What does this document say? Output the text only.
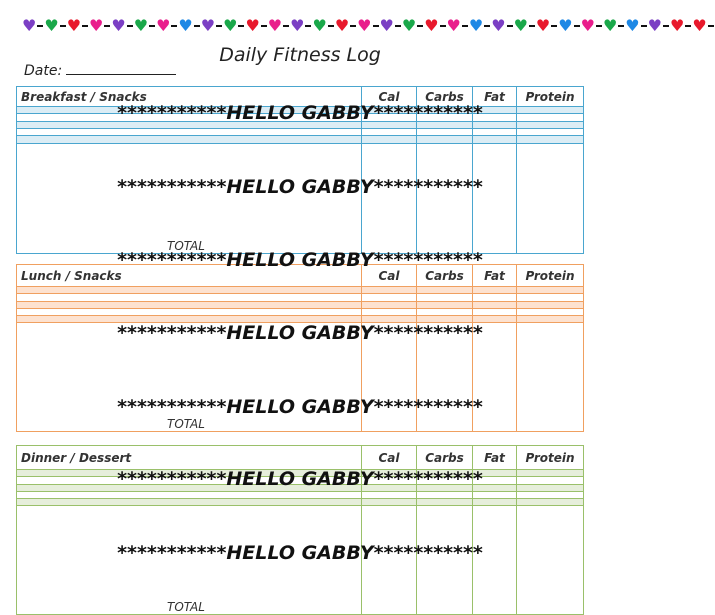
♥ ♥ ♥ ♥ ♥ ♥ ♥ ♥ ♥ ♥ ♥ ♥ ♥ ♥ ♥ ♥ ♥ ♥ ♥ ♥ ♥ ♥ ♥ ♥ ♥ ♥ ♥ ♥ ♥ ♥ ♥
Daily Fitness Log
Date:
Breakfast / Snacks	Cal	Carbs	Fat	Protein

TOTAL				
Lunch / Snacks	Cal	Carbs	Fat	Protein

TOTAL				
Dinner / Dessert	Cal	Carbs	Fat	Protein

TOTAL				
***********HELLO GABBY***********
***********HELLO GABBY***********
***********HELLO GABBY***********
***********HELLO GABBY***********
***********HELLO GABBY***********
***********HELLO GABBY***********
***********HELLO GABBY***********
